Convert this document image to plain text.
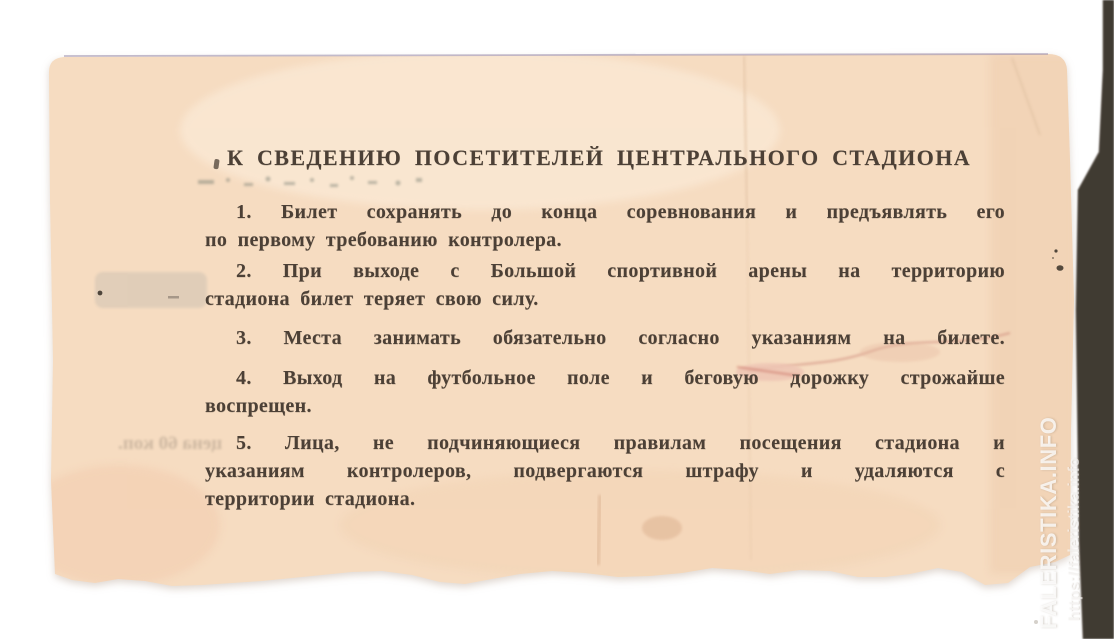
цена 60 коп.
К СВЕДЕНИЮ ПОСЕТИТЕЛЕЙ ЦЕНТРАЛЬНОГО СТАДИОНА
1. Билет сохранять до конца соревнования и предъявлять его
по первому требованию контролера.
2. При выходе с Большой спортивной арены на территорию
стадиона билет теряет свою силу.
3. Места занимать обязательно согласно указаниям на билете.
4. Выход на футбольное поле и беговую дорожку строжайше
воспрещен.
5. Лица, не подчиняющиеся правилам посещения стадиона и
указаниям контролеров, подвергаются штрафу и удаляются с
территории стадиона.	FALERISTIKA.INFO https://faleristika.info
